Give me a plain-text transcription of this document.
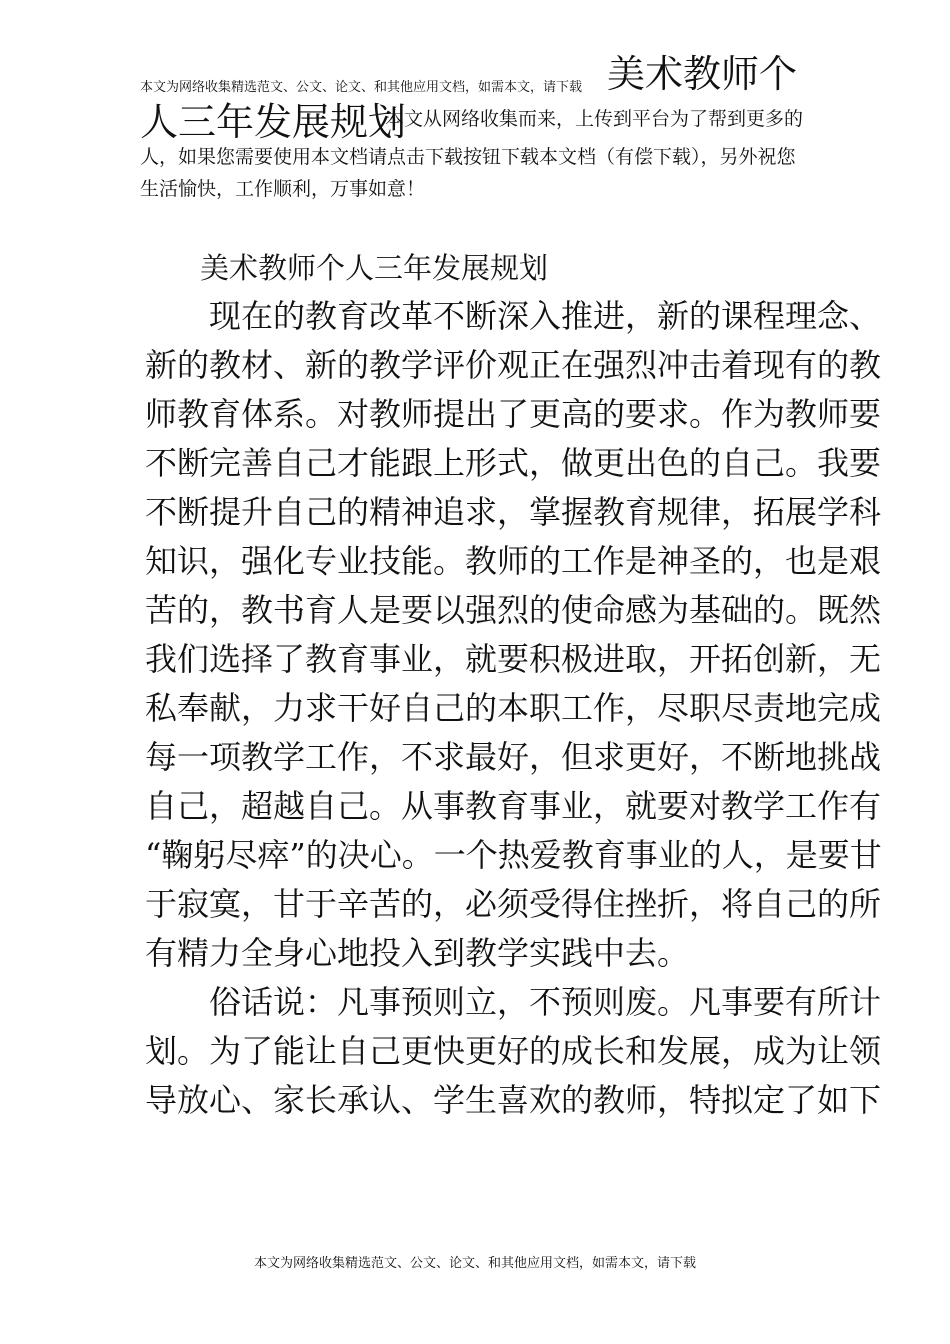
本文为网络收集精选范文、公文、论文、和其他应用文档，如需本文，请下载 美术教师个
人三年发展规划
本文从网络收集而来，上传到平台为了帮到更多的
人，如果您需要使用本文档请点击下载按钮下载本文档（有偿下载），另外祝您
生活愉快，工作顺利，万事如意！
美术教师个人三年发展规划
　　现在的教育改革不断深入推进，新的课程理念、
新的教材、新的教学评价观正在强烈冲击着现有的教
师教育体系。对教师提出了更高的要求。作为教师要
不断完善自己才能跟上形式，做更出色的自己。我要
不断提升自己的精神追求，掌握教育规律，拓展学科
知识，强化专业技能。教师的工作是神圣的，也是艰
苦的，教书育人是要以强烈的使命感为基础的。既然
我们选择了教育事业，就要积极进取，开拓创新，无
私奉献，力求干好自己的本职工作，尽职尽责地完成
每一项教学工作，不求最好，但求更好，不断地挑战
自己，超越自己。从事教育事业，就要对教学工作有
“鞠躬尽瘁”的决心。一个热爱教育事业的人，是要甘
于寂寞，甘于辛苦的，必须受得住挫折，将自己的所
有精力全身心地投入到教学实践中去。
　　俗话说：凡事预则立，不预则废。凡事要有所计
划。为了能让自己更快更好的成长和发展，成为让领
导放心、家长承认、学生喜欢的教师，特拟定了如下
本文为网络收集精选范文、公文、论文、和其他应用文档，如需本文，请下载
